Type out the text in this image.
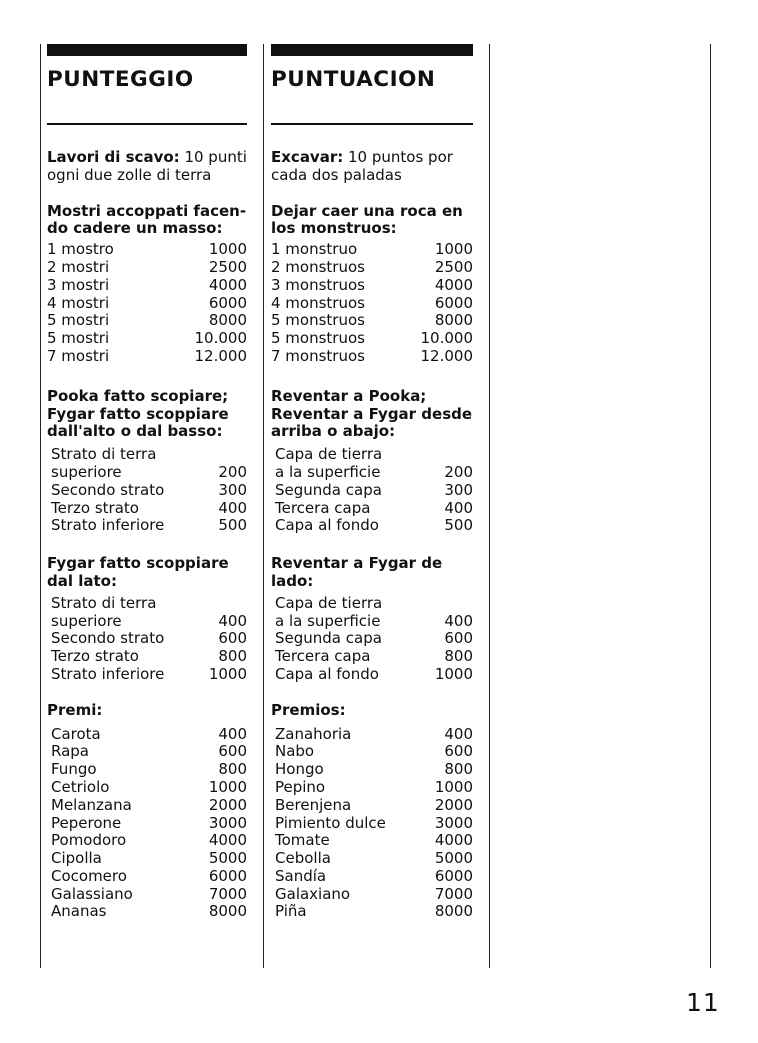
PUNTEGGIO
Lavori di scavo: 10 punti ogni due zolle di terra
Mostri accoppati facen-do cadere un masso:
1 mostro	1000
2 mostri	2500
3 mostri	4000
4 mostri	6000
5 mostri	8000
5 mostri	10.000
7 mostri	12.000
Pooka fatto scopiare; Fygar fatto scoppiare dall'alto o dal basso:
Strato di terra
superiore	200
Secondo strato	300
Terzo strato	400
Strato inferiore	500
Fygar fatto scoppiare dal lato:
Strato di terra
superiore	400
Secondo strato	600
Terzo strato	800
Strato inferiore	1000
Premi:
Carota	400
Rapa	600
Fungo	800
Cetriolo	1000
Melanzana	2000
Peperone	3000
Pomodoro	4000
Cipolla	5000
Cocomero	6000
Galassiano	7000
Ananas	8000
PUNTUACION
Excavar: 10 puntos por cada dos paladas
Dejar caer una roca en los monstruos:
1 monstruo	1000
2 monstruos	2500
3 monstruos	4000
4 monstruos	6000
5 monstruos	8000
5 monstruos	10.000
7 monstruos	12.000
Reventar a Pooka; Reventar a Fygar desde arriba o abajo:
Capa de tierra
a la superficie	200
Segunda capa	300
Tercera capa	400
Capa al fondo	500
Reventar a Fygar de lado:
Capa de tierra
a la superficie	400
Segunda capa	600
Tercera capa	800
Capa al fondo	1000
Premios:
Zanahoria	400
Nabo	600
Hongo	800
Pepino	1000
Berenjena	2000
Pimiento dulce	3000
Tomate	4000
Cebolla	5000
Sandía	6000
Galaxiano	7000
Piña	8000
11
